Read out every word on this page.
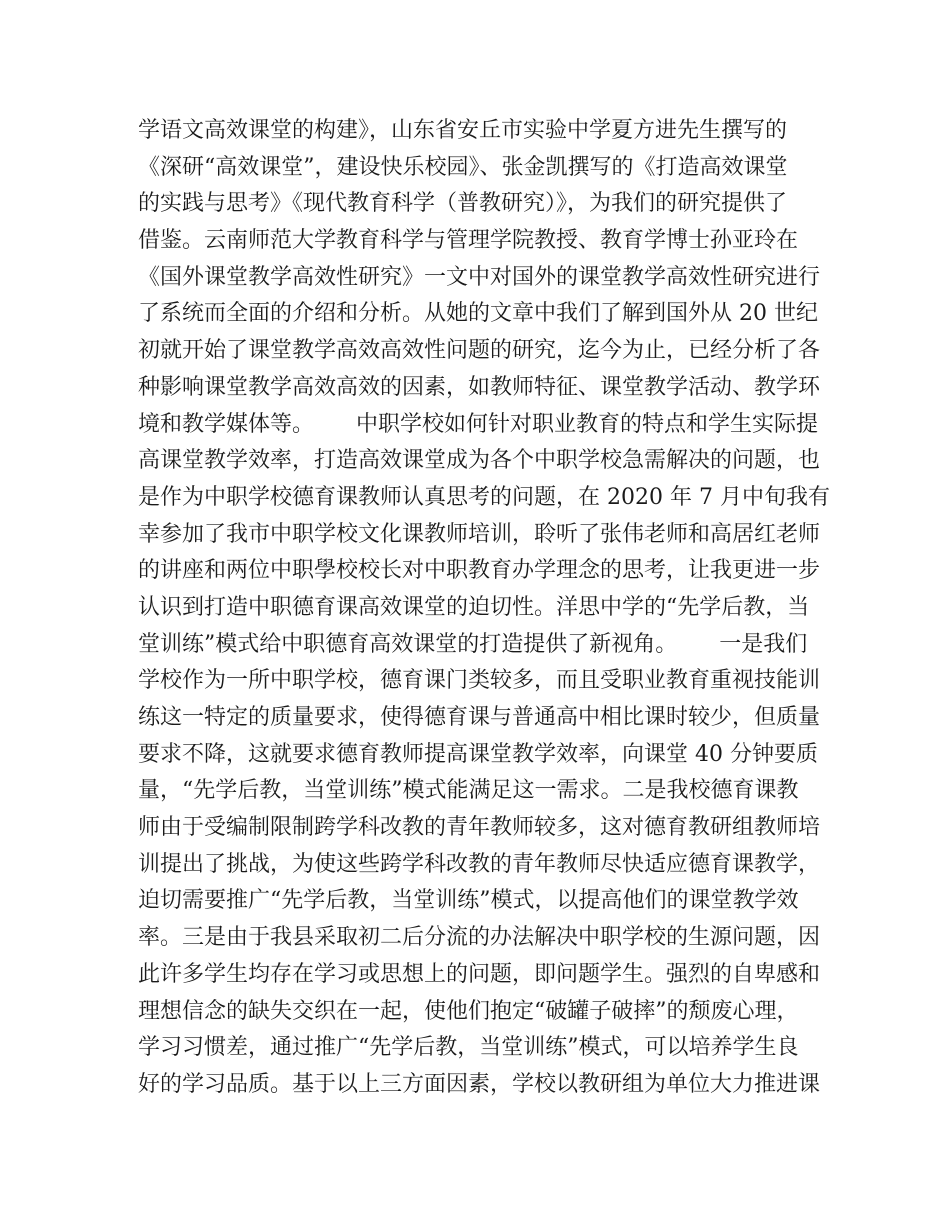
学语文高效课堂的构建》，山东省安丘市实验中学夏方进先生撰写的
《深研“高效课堂”，建设快乐校园》、张金凯撰写的《打造高效课堂
的实践与思考》《现代教育科学（普教研究）》，为我们的研究提供了
借鉴。云南师范大学教育科学与管理学院教授、教育学博士孙亚玲在
《国外课堂教学高效性研究》一文中对国外的课堂教学高效性研究进行
了系统而全面的介绍和分析。从她的文章中我们了解到国外从 20 世纪
初就开始了课堂教学高效高效性问题的研究，迄今为止，已经分析了各
种影响课堂教学高效高效的因素，如教师特征、课堂教学活动、教学环
境和教学媒体等。      中职学校如何针对职业教育的特点和学生实际提
高课堂教学效率，打造高效课堂成为各个中职学校急需解决的问题，也
是作为中职学校德育课教师认真思考的问题，在 2020 年 7 月中旬我有
幸参加了我市中职学校文化课教师培训，聆听了张伟老师和高居红老师
的讲座和两位中职學校校长对中职教育办学理念的思考，让我更进一步
认识到打造中职德育课高效课堂的迫切性。洋思中学的“先学后教，当
堂训练”模式给中职德育高效课堂的打造提供了新视角。      一是我们
学校作为一所中职学校，德育课门类较多，而且受职业教育重视技能训
练这一特定的质量要求，使得德育课与普通高中相比课时较少，但质量
要求不降，这就要求德育教师提高课堂教学效率，向课堂 40 分钟要质
量，“先学后教，当堂训练”模式能满足这一需求。二是我校德育课教
师由于受编制限制跨学科改教的青年教师较多，这对德育教研组教师培
训提出了挑战，为使这些跨学科改教的青年教师尽快适应德育课教学，
迫切需要推广“先学后教，当堂训练”模式，以提高他们的课堂教学效
率。三是由于我县采取初二后分流的办法解决中职学校的生源问题，因
此许多学生均存在学习或思想上的问题，即问题学生。强烈的自卑感和
理想信念的缺失交织在一起，使他们抱定“破罐子破摔”的颓废心理，
学习习惯差，通过推广“先学后教，当堂训练”模式，可以培养学生良
好的学习品质。基于以上三方面因素，学校以教研组为单位大力推进课
